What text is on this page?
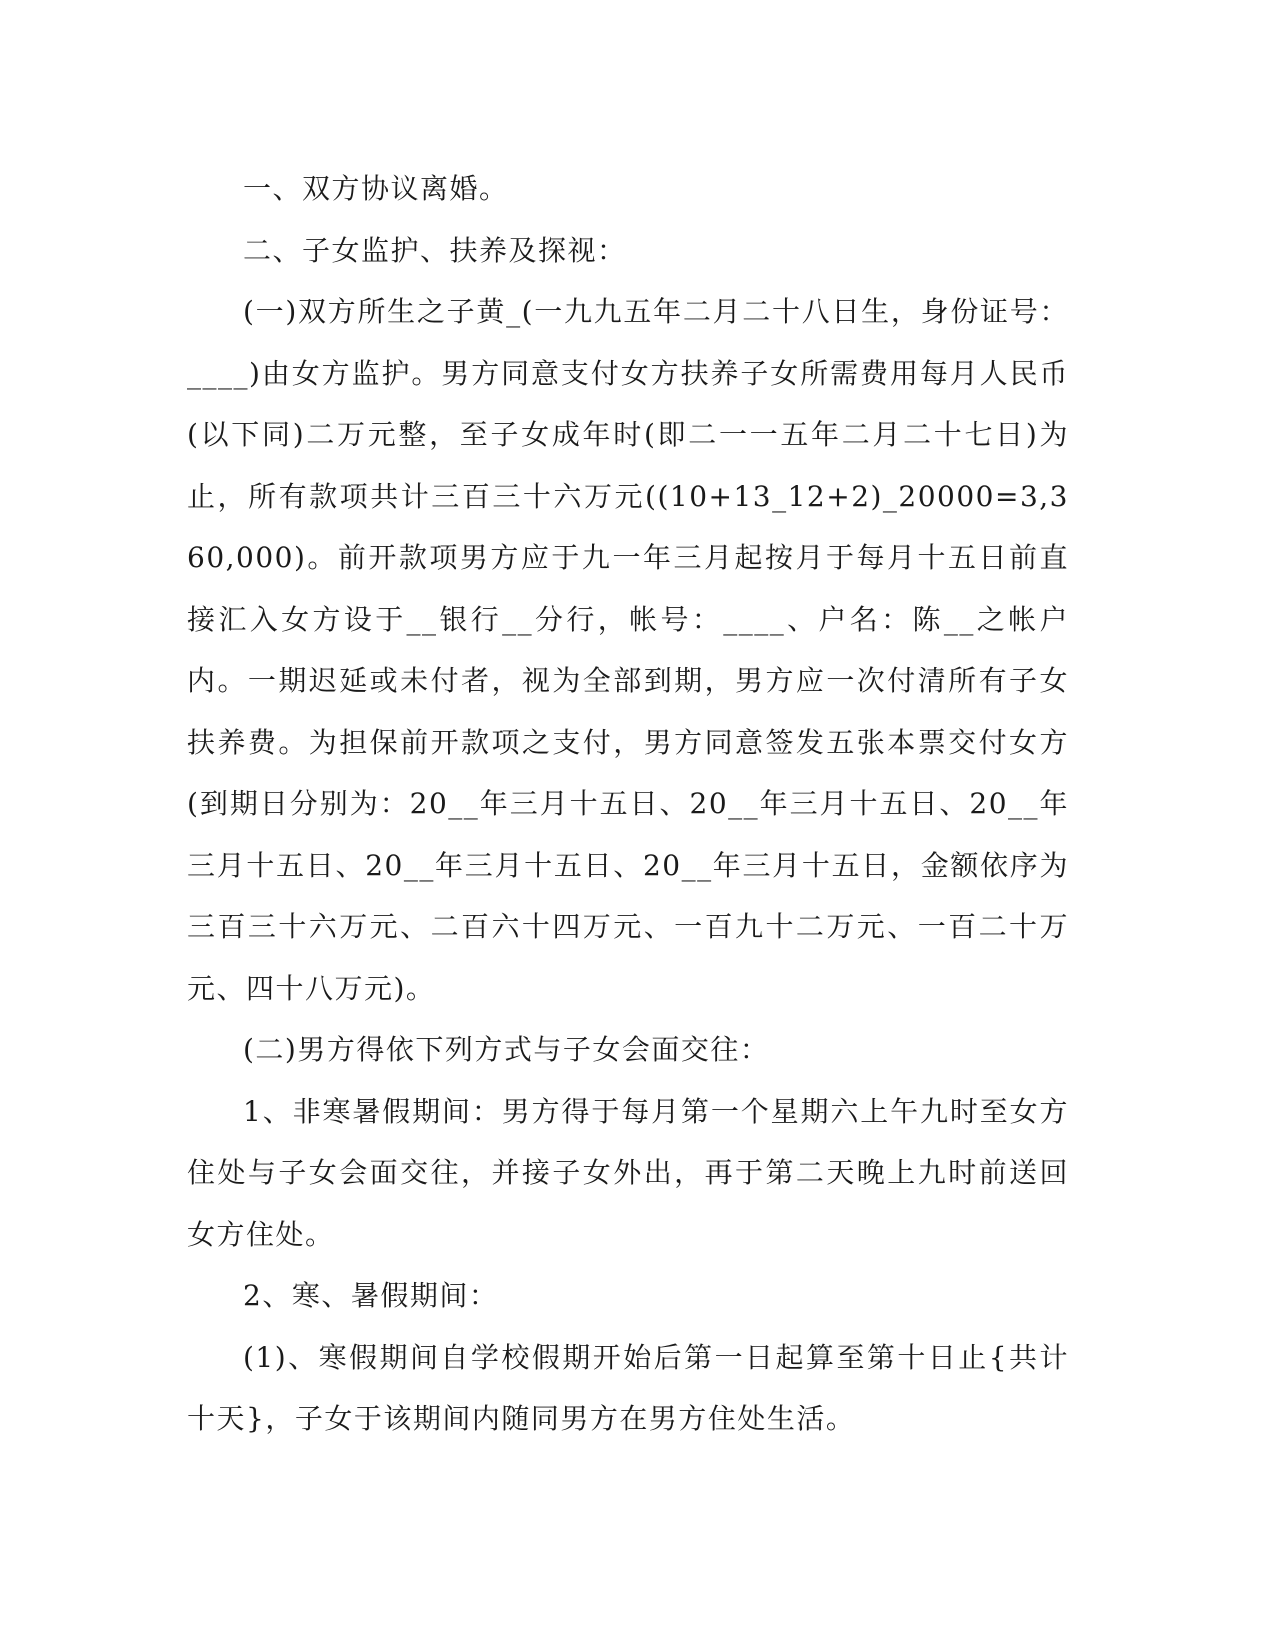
一、双方协议离婚。

二、子女监护、扶养及探视：

(一)双方所生之子黄_(一九九五年二月二十八日生，身份证号：____)由女方监护。男方同意支付女方扶养子女所需费用每月人民币(以下同)二万元整，至子女成年时(即二一一五年二月二十七日)为止，所有款项共计三百三十六万元((10+13_12+2)_20000=3,360,000)。前开款项男方应于九一年三月起按月于每月十五日前直接汇入女方设于__银行__分行，帐号：____、户名：陈__之帐户内。一期迟延或未付者，视为全部到期，男方应一次付清所有子女扶养费。为担保前开款项之支付，男方同意签发五张本票交付女方(到期日分别为：20__年三月十五日、20__年三月十五日、20__年三月十五日、20__年三月十五日、20__年三月十五日，金额依序为三百三十六万元、二百六十四万元、一百九十二万元、一百二十万元、四十八万元)。

(二)男方得依下列方式与子女会面交往：

1、非寒暑假期间：男方得于每月第一个星期六上午九时至女方住处与子女会面交往，并接子女外出，再于第二天晚上九时前送回女方住处。

2、寒、暑假期间：

(1)、寒假期间自学校假期开始后第一日起算至第十日止{共计十天}，子女于该期间内随同男方在男方住处生活。
